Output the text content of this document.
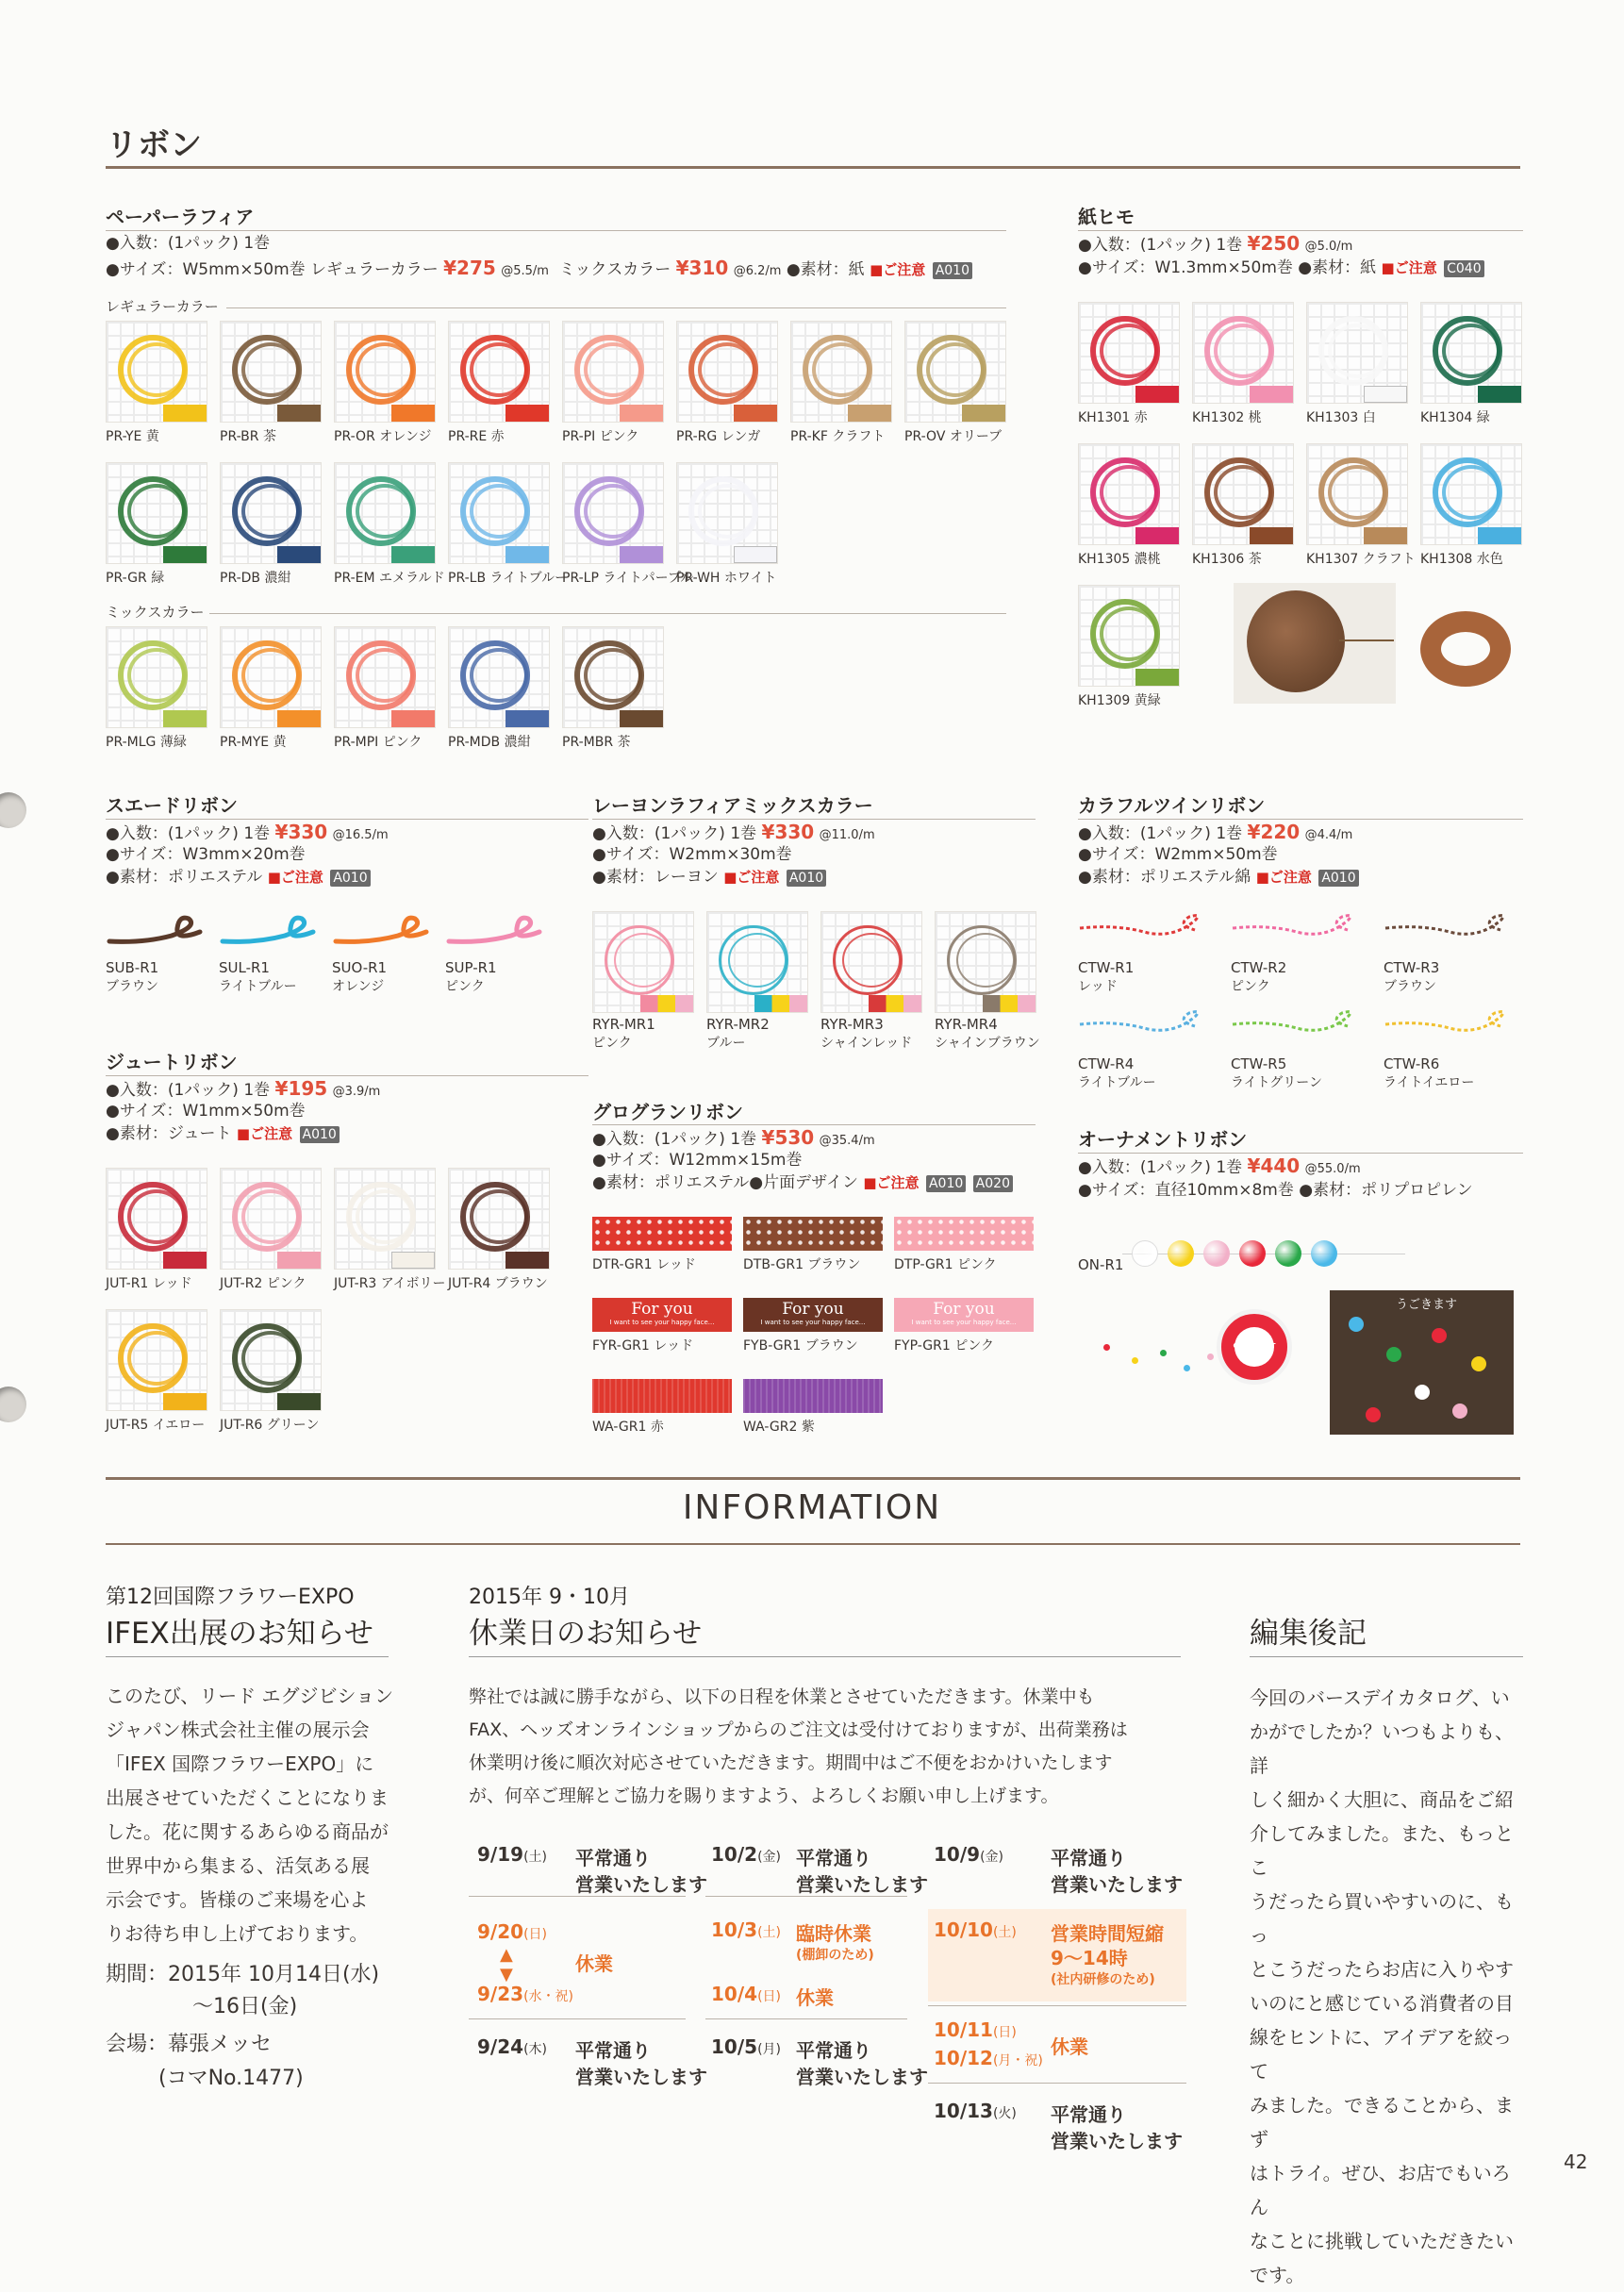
リボン
ペーパーラフィア
●入数：(1パック) 1巻
●サイズ：W5mm×50m巻 レギュラーカラー ¥275 @5.5/m ミックスカラー ¥310 @6.2/m ●素材：紙 ■ご注意 A010
レギュラーカラー
PR-YE 黄	PR-BR 茶	PR-OR オレンジ PR-RE 赤	PR-PI ピンク	PR-RG レンガ PR-KF クラフト PR-OV オリーブ
PR-GR 緑	PR-DB 濃紺	PR-EM エメラルド PR-LB ライトブルー
PR-LP ライトパープル
PR-WH ホワイト
ミックスカラー
PR-MLG 薄緑	PR-MYE 黄	PR-MPI ピンク PR-MDB 濃紺 PR-MBR 茶
紙ヒモ
●入数：(1パック) 1巻 ¥250 @5.0/m
●サイズ：W1.3mm×50m巻 ●素材：紙 ■ご注意 C040
KH1301 赤	KH1302 桃	KH1303 白	KH1304 緑
KH1305 濃桃 KH1306 茶	KH1307 クラフト KH1308 水色
KH1309 黄緑
スエードリボン
●入数：(1パック) 1巻 ¥330 @16.5/m
●サイズ：W3mm×20m巻
●素材：ポリエステル ■ご注意 A010
SUB-R1
ブラウン
SUL-R1
ライトブルー
SUO-R1
オレンジ
SUP-R1
ピンク
ジュートリボン
●入数：(1パック) 1巻 ¥195 @3.9/m
●サイズ：W1mm×50m巻
●素材：ジュート ■ご注意 A010
JUT-R1 レッド JUT-R2 ピンク JUT-R3 アイボリー JUT-R4 ブラウン
JUT-R5 イエロー JUT-R6 グリーン
レーヨンラフィアミックスカラー
●入数：(1パック) 1巻 ¥330 @11.0/m
●サイズ：W2mm×30m巻
●素材：レーヨン ■ご注意 A010
RYR-MR1
ピンク
RYR-MR2
ブルー
RYR-MR3
シャインレッド
RYR-MR4
シャインブラウン
グログランリボン
●入数：(1パック) 1巻 ¥530 @35.4/m
●サイズ：W12mm×15m巻
●素材：ポリエステル●片面デザイン ■ご注意 A010 A020
DTR-GR1 レッド	DTB-GR1 ブラウン	DTP-GR1 ピンク
For you
I want to see your happy face...
FYR-GR1 レッド
For you
I want to see your happy face...
FYB-GR1 ブラウン
For you
I want to see your happy face...
FYP-GR1 ピンク
WA-GR1 赤	WA-GR2 紫
カラフルツインリボン
●入数：(1パック) 1巻 ¥220 @4.4/m
●サイズ：W2mm×50m巻
●素材：ポリエステル綿 ■ご注意 A010
CTW-R1
レッド
CTW-R2
ピンク
CTW-R3
ブラウン
CTW-R4
ライトブルー
CTW-R5
ライトグリーン
CTW-R6
ライトイエロー
オーナメントリボン
●入数：(1パック) 1巻 ¥440 @55.0/m
●サイズ：直径10mm×8m巻 ●素材：ポリプロピレン
ON-R1
ORNAMENT RIBBON
うごきます
INFORMATION
第12回国際フラワーEXPO
IFEX出展のお知らせ
このたび、リード エグジビション
ジャパン株式会社主催の展示会
「IFEX 国際フラワーEXPO」に
出展させていただくことになりま
した。花に関するあらゆる商品が
世界中から集まる、活気ある展
示会です。皆様のご来場を心よ
りお待ち申し上げております。
期間：2015年 10月14日(水)
～16日(金)
会場：幕張メッセ
(コマNo.1477)
2015年 9・10月
休業日のお知らせ
弊社では誠に勝手ながら、以下の日程を休業とさせていただきます。休業中も
FAX、ヘッズオンラインショップからのご注文は受付けておりますが、出荷業務は
休業明け後に順次対応させていただきます。期間中はご不便をおかけいたします
が、何卒ご理解とご協力を賜りますよう、よろしくお願い申し上げます。
9/19(土) 平常通り
営業いたします
9/20(日)
▲
▼	休業
9/23(水・祝)
9/24(木) 平常通り
営業いたします
10/2(金) 平常通り
営業いたします
10/3(土) 臨時休業
(棚卸のため)
10/4(日) 休業
10/5(月) 平常通り
営業いたします
10/9(金)	平常通り
営業いたします
10/10(土) 営業時間短縮
9～14時
(社内研修のため)
10/11(日)
10/12(月・祝)
休業
10/13(火) 平常通り
営業いたします
編集後記
今回のバースデイカタログ、い
かがでしたか？いつもよりも、詳
しく細かく大胆に、商品をご紹
介してみました。また、もっとこ
うだったら買いやすいのに、もっ
とこうだったらお店に入りやす
いのにと感じている消費者の目
線をヒントに、アイデアを絞って
みました。できることから、まず
はトライ。ぜひ、お店でもいろん
なことに挑戦していただきたい
です。
42
